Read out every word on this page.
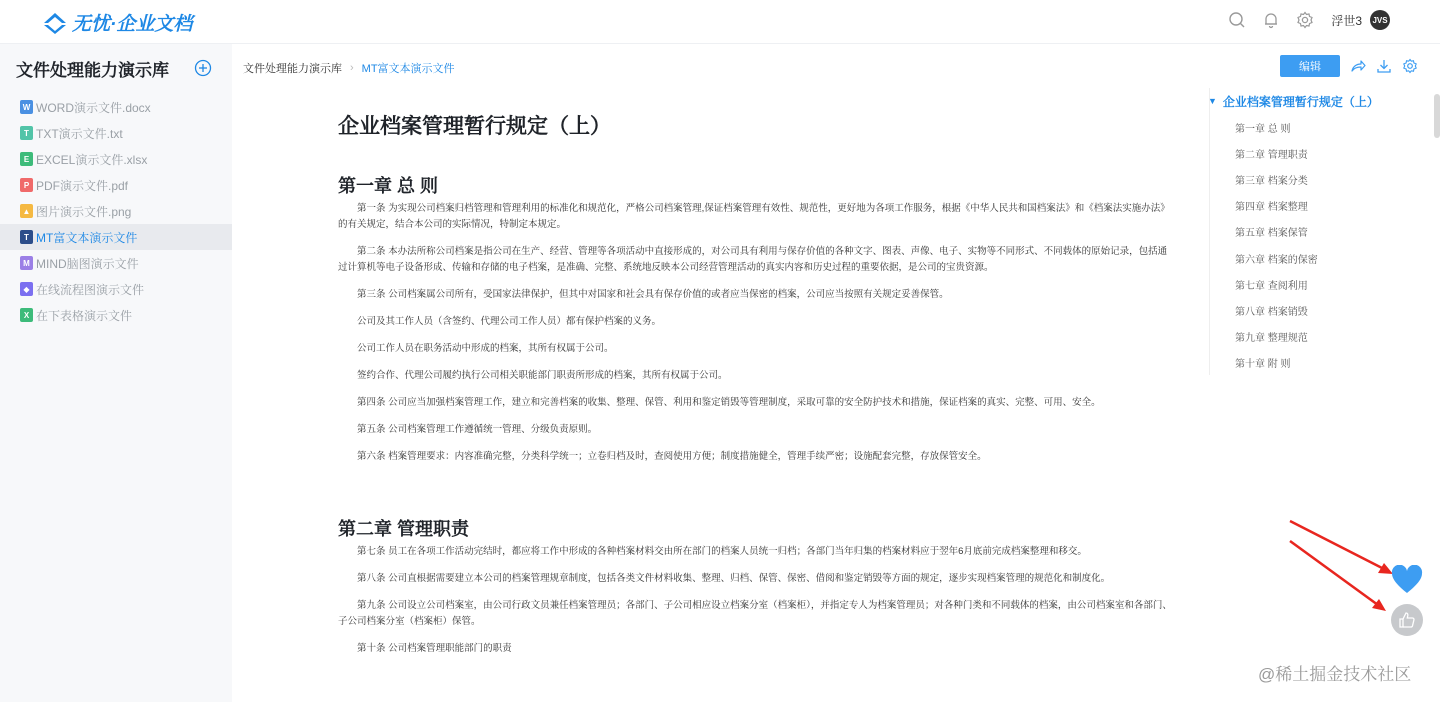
无忧·企业文档	浮世3	JVS
文件处理能力演示库
W WORD演示文件.docx
T TXT演示文件.txt
E EXCEL演示文件.xlsx
P PDF演示文件.pdf
▲ 图片演示文件.png
T MT富文本演示文件
M MIND脑图演示文件
◆ 在线流程图演示文件
X 在下表格演示文件
文件处理能力演示库 › MT富文本演示文件	编辑
企业档案管理暂行规定（上）
第一章 总 则

第一条 为实现公司档案归档管理和管理利用的标准化和规范化，严格公司档案管理,保证档案管理有效性、规范性，更好地为各项工作服务，根据《中华人民共和国档案法》和《档案法实施办法》的有关规定，结合本公司的实际情况，特制定本规定。

第二条 本办法所称公司档案是指公司在生产、经营、管理等各项活动中直接形成的，对公司具有利用与保存价值的各种文字、图表、声像、电子、实物等不同形式、不同载体的原始记录，包括通过计算机等电子设备形成、传输和存储的电子档案，是准确、完整、系统地反映本公司经营管理活动的真实内容和历史过程的重要依据，是公司的宝贵资源。

第三条 公司档案属公司所有，受国家法律保护，但其中对国家和社会具有保存价值的或者应当保密的档案，公司应当按照有关规定妥善保管。

公司及其工作人员（含签约、代理公司工作人员）都有保护档案的义务。

公司工作人员在职务活动中形成的档案，其所有权属于公司。

签约合作、代理公司履约执行公司相关职能部门职责所形成的档案，其所有权属于公司。

第四条 公司应当加强档案管理工作，建立和完善档案的收集、整理、保管、利用和鉴定销毁等管理制度，采取可靠的安全防护技术和措施，保证档案的真实、完整、可用、安全。

第五条 公司档案管理工作遵循统一管理、分级负责原则。

第六条 档案管理要求：内容准确完整，分类科学统一；立卷归档及时，查阅使用方便；制度措施健全，管理手续严密；设施配套完整，存放保管安全。

第二章 管理职责

第七条 员工在各项工作活动完结时，都应将工作中形成的各种档案材料交由所在部门的档案人员统一归档；各部门当年归集的档案材料应于翌年6月底前完成档案整理和移交。

第八条 公司直根据需要建立本公司的档案管理规章制度，包括各类文件材料收集、整理、归档、保管、保密、借阅和鉴定销毁等方面的规定，逐步实现档案管理的规范化和制度化。

第九条 公司设立公司档案室，由公司行政文员兼任档案管理员；各部门、子公司相应设立档案分室（档案柜），并指定专人为档案管理员；对各种门类和不同载体的档案，由公司档案室和各部门、子公司档案分室（档案柜）保管。

第十条 公司档案管理职能部门的职责

▼ 企业档案管理暂行规定（上）
第一章 总 则
第二章 管理职责
第三章 档案分类
第四章 档案整理
第五章 档案保管
第六章 档案的保密
第七章 查阅利用
第八章 档案销毁
第九章 整理规范
第十章 附 则
@稀土掘金技术社区
